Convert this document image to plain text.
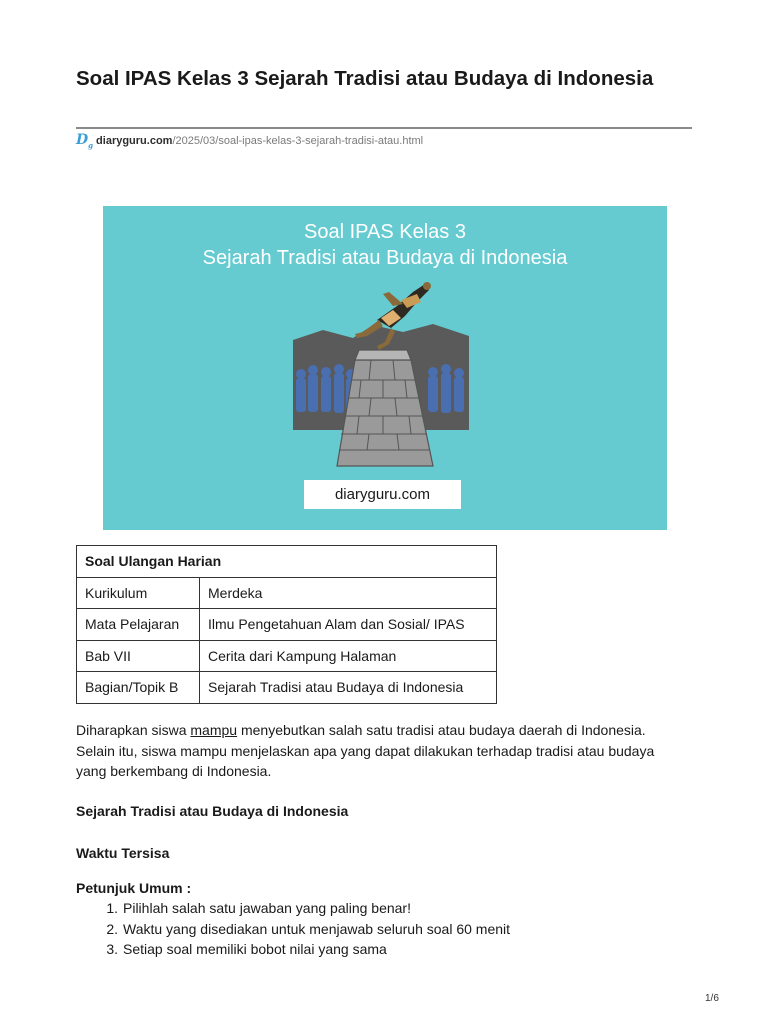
Soal IPAS Kelas 3 Sejarah Tradisi atau Budaya di Indonesia
$D_g$ diaryguru.com/2025/03/soal-ipas-kelas-3-sejarah-tradisi-atau.html
Soal IPAS Kelas 3
Sejarah Tradisi atau Budaya di Indonesia
diaryguru.com
Soal Ulangan Harian	
Kurikulum	Merdeka
Mata Pelajaran	Ilmu Pengetahuan Alam dan Sosial/ IPAS
Bab VII	Cerita dari Kampung Halaman
Bagian/Topik B	Sejarah Tradisi atau Budaya di Indonesia

Diharapkan siswa mampu menyebutkan salah satu tradisi atau budaya daerah di Indonesia. Selain itu, siswa mampu menjelaskan apa yang dapat dilakukan terhadap tradisi atau budaya yang berkembang di Indonesia.

Sejarah Tradisi atau Budaya di Indonesia
Waktu Tersisa
Petunjuk Umum :
1. Pilihlah salah satu jawaban yang paling benar!
2. Waktu yang disediakan untuk menjawab seluruh soal 60 menit
3. Setiap soal memiliki bobot nilai yang sama
1/6
